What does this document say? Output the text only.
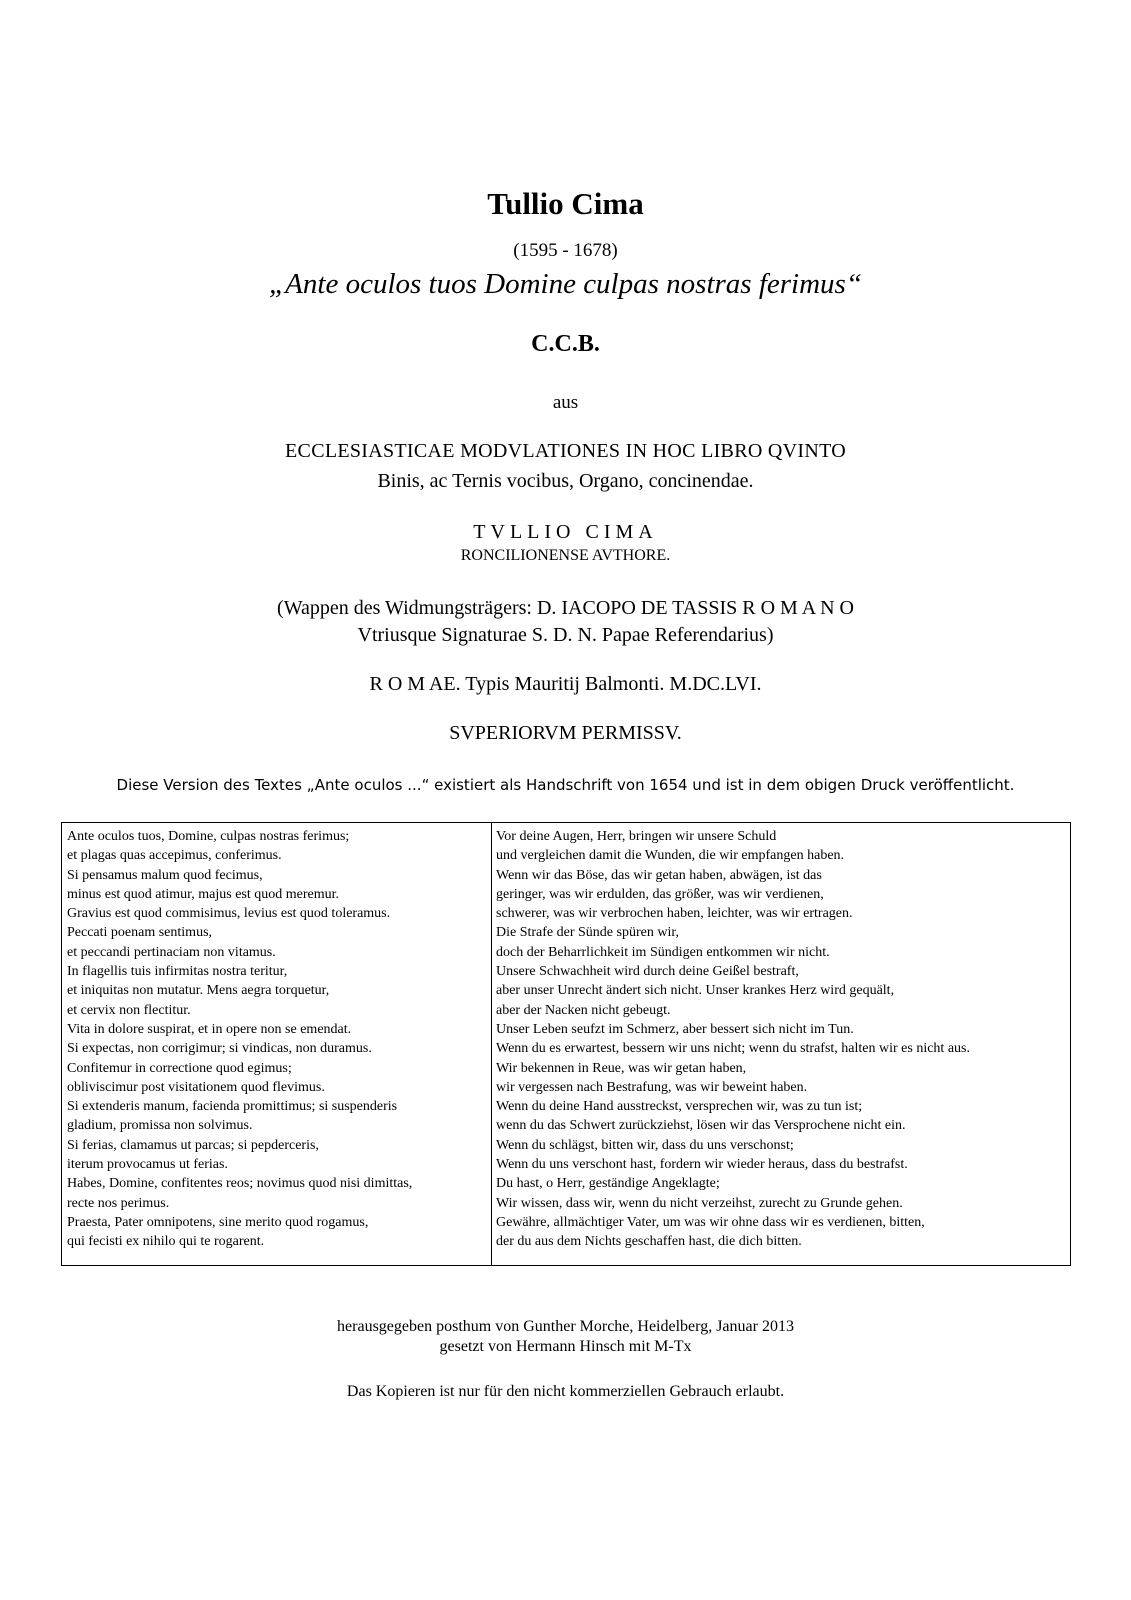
Tullio Cima
(1595 - 1678)
„Ante oculos tuos Domine culpas nostras ferimus“
C.C.B.
aus
ECCLESIASTICAE MODVLATIONES IN HOC LIBRO QVINTO
Binis, ac Ternis vocibus, Organo, concinendae.
TVLLIO CIMA
RONCILIONENSE AVTHORE.
(Wappen des Widmungsträgers: D. IACOPO DE TASSIS R O M A N O
Vtriusque Signaturae S. D. N. Papae Referendarius)
R O M AE. Typis Mauritij Balmonti. M.DC.LVI.
SVPERIORVM PERMISSV.
Diese Version des Textes „Ante oculos ...“ existiert als Handschrift von 1654 und ist in dem obigen Druck veröffentlicht.
Ante oculos tuos, Domine, culpas nostras ferimus;
et plagas quas accepimus, conferimus.
Si pensamus malum quod fecimus,
minus est quod atimur, majus est quod meremur.
Gravius est quod commisimus, levius est quod toleramus.
Peccati poenam sentimus,
et peccandi pertinaciam non vitamus.
In flagellis tuis infirmitas nostra teritur,
et iniquitas non mutatur. Mens aegra torquetur,
et cervix non flectitur.
Vita in dolore suspirat, et in opere non se emendat.
Si expectas, non corrigimur; si vindicas, non duramus.
Confitemur in correctione quod egimus;
obliviscimur post visitationem quod flevimus.
Si extenderis manum, facienda promittimus; si suspenderis
gladium, promissa non solvimus.
Si ferias, clamamus ut parcas; si pepderceris,
iterum provocamus ut ferias.
Habes, Domine, confitentes reos; novimus quod nisi dimittas,
recte nos perimus.
Praesta, Pater omnipotens, sine merito quod rogamus,
qui fecisti ex nihilo qui te rogarent.
Vor deine Augen, Herr, bringen wir unsere Schuld
und vergleichen damit die Wunden, die wir empfangen haben.
Wenn wir das Böse, das wir getan haben, abwägen, ist das
geringer, was wir erdulden, das größer, was wir verdienen,
schwerer, was wir verbrochen haben, leichter, was wir ertragen.
Die Strafe der Sünde spüren wir,
doch der Beharrlichkeit im Sündigen entkommen wir nicht.
Unsere Schwachheit wird durch deine Geißel bestraft,
aber unser Unrecht ändert sich nicht. Unser krankes Herz wird gequält,
aber der Nacken nicht gebeugt.
Unser Leben seufzt im Schmerz, aber bessert sich nicht im Tun.
Wenn du es erwartest, bessern wir uns nicht; wenn du strafst, halten wir es nicht aus.
Wir bekennen in Reue, was wir getan haben,
wir vergessen nach Bestrafung, was wir beweint haben.
Wenn du deine Hand ausstreckst, versprechen wir, was zu tun ist;
wenn du das Schwert zurückziehst, lösen wir das Versprochene nicht ein.
Wenn du schlägst, bitten wir, dass du uns verschonst;
Wenn du uns verschont hast, fordern wir wieder heraus, dass du bestrafst.
Du hast, o Herr, geständige Angeklagte;
Wir wissen, dass wir, wenn du nicht verzeihst, zurecht zu Grunde gehen.
Gewähre, allmächtiger Vater, um was wir ohne dass wir es verdienen, bitten,
der du aus dem Nichts geschaffen hast, die dich bitten.
herausgegeben posthum von Gunther Morche, Heidelberg, Januar 2013
gesetzt von Hermann Hinsch mit M-Tx
Das Kopieren ist nur für den nicht kommerziellen Gebrauch erlaubt.
